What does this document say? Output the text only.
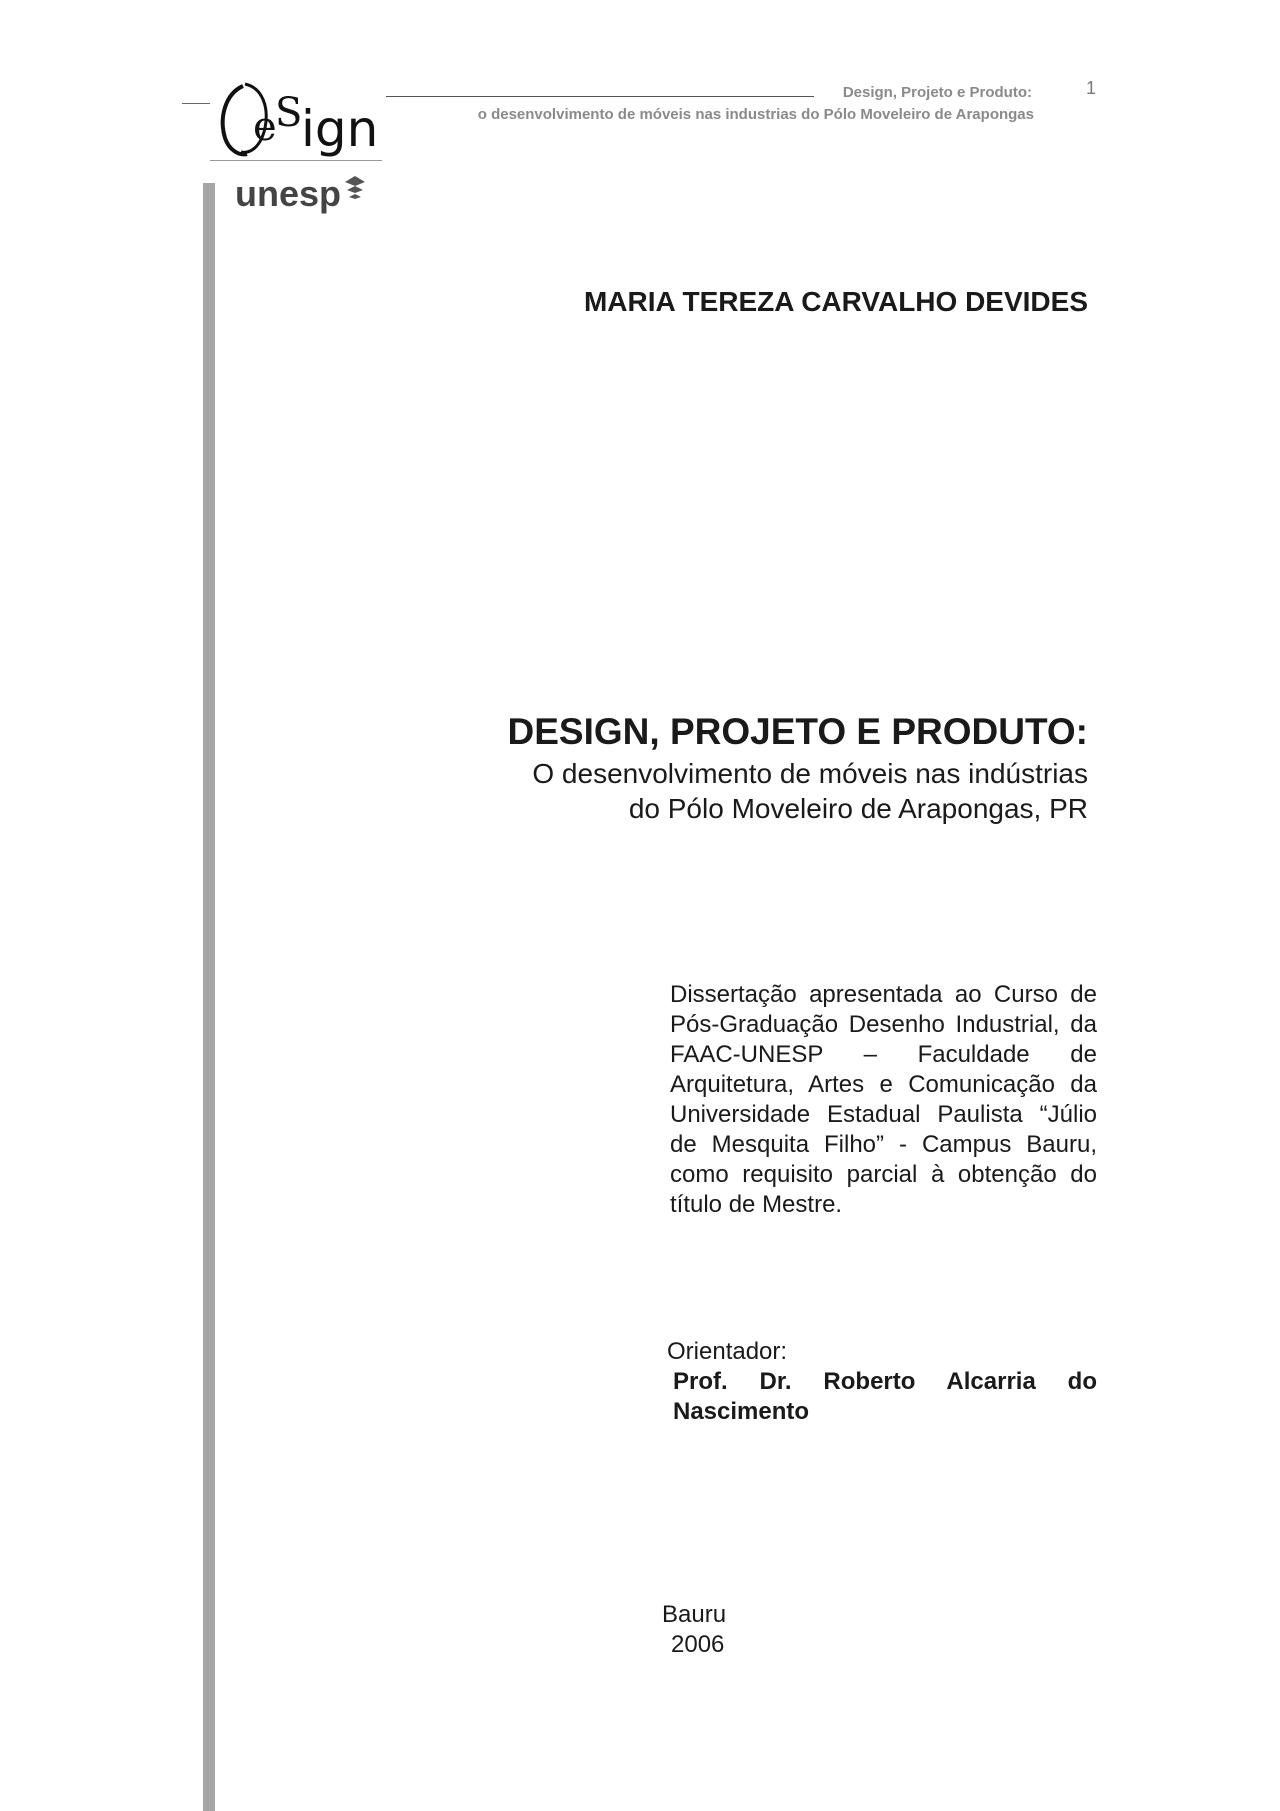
e
S
ign
Design, Projeto e Produto:
o desenvolvimento de móveis nas industrias do Pólo Moveleiro de Arapongas
1
unesp
MARIA TEREZA CARVALHO DEVIDES
DESIGN, PROJETO E PRODUTO:
O desenvolvimento de móveis nas indústrias
do Pólo Moveleiro de Arapongas, PR
Dissertação apresentada ao Curso de Pós-Graduação Desenho Industrial, da FAAC-UNESP – Faculdade de Arquitetura, Artes e Comunicação da Universidade Estadual Paulista “Júlio de Mesquita Filho” - Campus Bauru, como requisito parcial à obtenção do título de Mestre.
Orientador:
Prof. Dr. Roberto Alcarria do Nascimento
Bauru
2006
